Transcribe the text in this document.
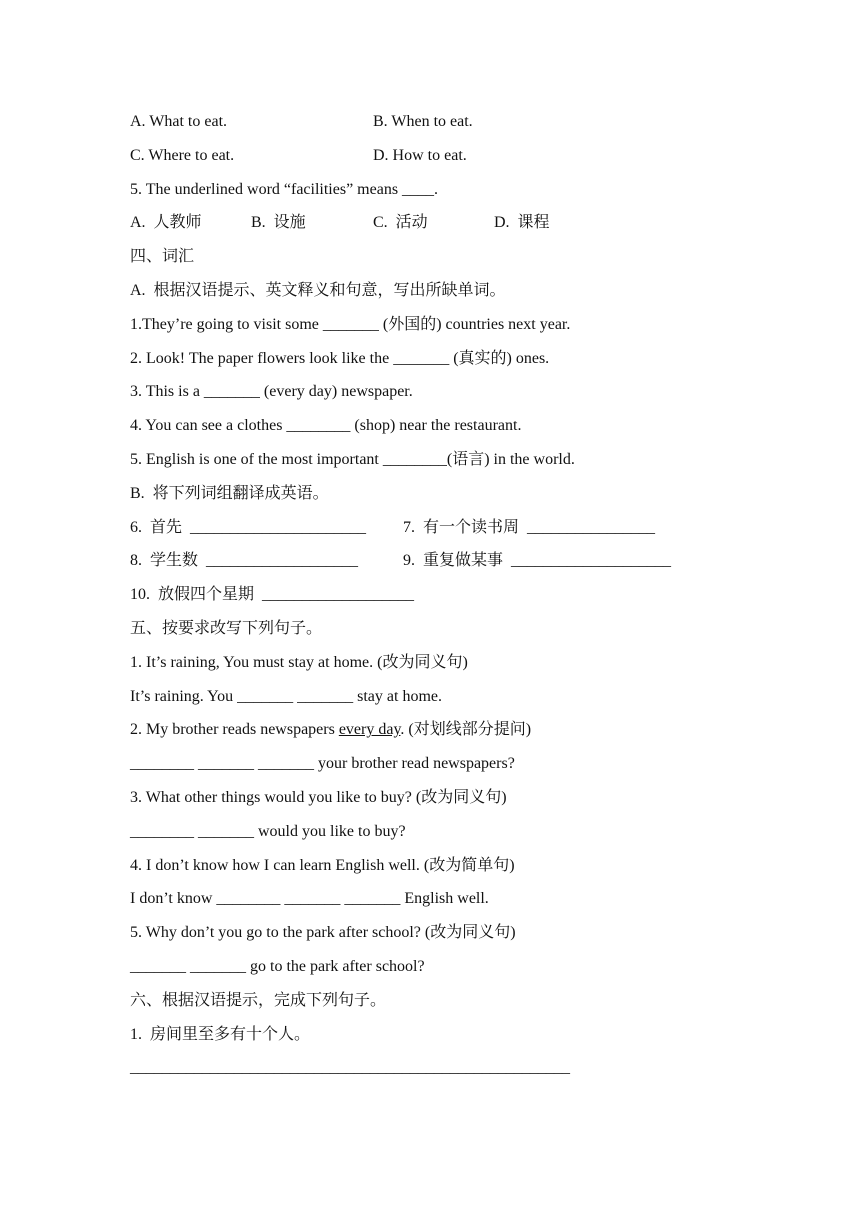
A. What to eat.

	B. When to eat.

C. Where to eat.

	D. How to eat.

5. The underlined word “facilities” means ____.

A.  人教师

	B.  设施

	C.  活动

	D.  课程

四、词汇
A.  根据汉语提示、英文释义和句意，写出所缺单词。
1.They’re going to visit some _______ (外国的) countries next year.
2. Look! The paper flowers look like the _______ (真实的) ones.
3. This is a _______ (every day) newspaper.
4. You can see a clothes ________ (shop) near the restaurant.
5. English is one of the most important ________(语言) in the world.
B.  将下列词组翻译成英语。

6.  首先  ______________________

7.  有一个读书周  ________________

8.  学生数  ___________________

	9.  重复做某事  ____________________

10.  放假四个星期  ___________________

五、按要求改写下列句子。
1. It’s raining, You must stay at home. (改为同义句)
It’s raining. You _______ _______ stay at home.
2. My brother reads newspapers every day. (对划线部分提问)
________ _______ _______ your brother read newspapers?
3. What other things would you like to buy? (改为同义句)
________ _______ would you like to buy?
4. I don’t know how I can learn English well. (改为简单句)
I don’t know ________ _______ _______ English well.
5. Why don’t you go to the park after school? (改为同义句)
_______ _______ go to the park after school?
六、根据汉语提示，完成下列句子。
1.  房间里至多有十个人。
_______________________________________________________
